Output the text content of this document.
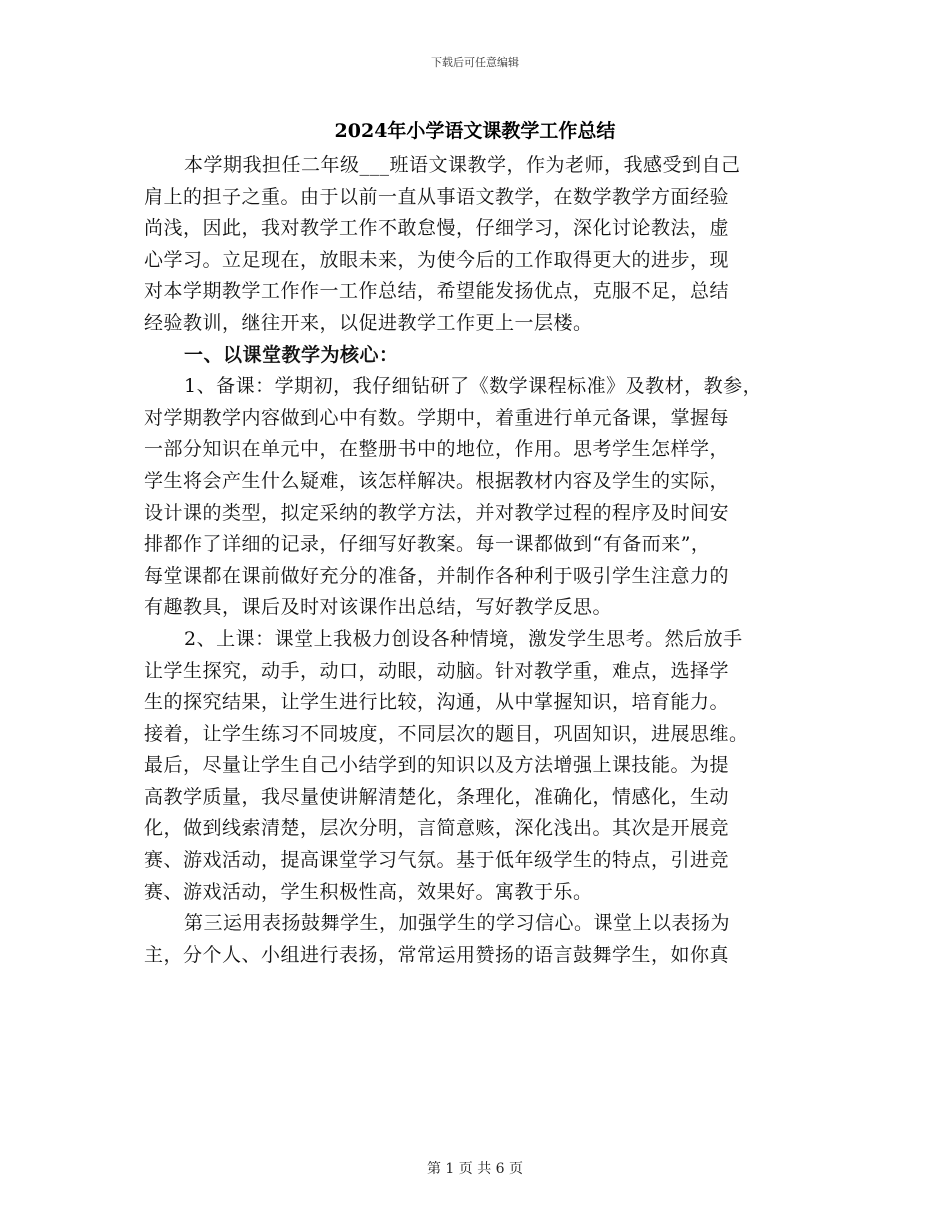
下载后可任意编辑
2024年小学语文课教学工作总结
本学期我担任二年级___班语文课教学，作为老师，我感受到自己
肩上的担子之重。由于以前一直从事语文教学，在数学教学方面经验
尚浅，因此，我对教学工作不敢怠慢，仔细学习，深化讨论教法，虚
心学习。立足现在，放眼未来，为使今后的工作取得更大的进步，现
对本学期教学工作作一工作总结，希望能发扬优点，克服不足，总结
经验教训，继往开来，以促进教学工作更上一层楼。
一、以课堂教学为核心：
1、备课：学期初，我仔细钻研了《数学课程标准》及教材，教参，
对学期教学内容做到心中有数。学期中，着重进行单元备课，掌握每
一部分知识在单元中，在整册书中的地位，作用。思考学生怎样学，
学生将会产生什么疑难，该怎样解决。根据教材内容及学生的实际，
设计课的类型，拟定采纳的教学方法，并对教学过程的程序及时间安
排都作了详细的记录，仔细写好教案。每一课都做到“有备而来”，
每堂课都在课前做好充分的准备，并制作各种利于吸引学生注意力的
有趣教具，课后及时对该课作出总结，写好教学反思。
2、上课：课堂上我极力创设各种情境，激发学生思考。然后放手
让学生探究，动手，动口，动眼，动脑。针对教学重，难点，选择学
生的探究结果，让学生进行比较，沟通，从中掌握知识，培育能力。
接着，让学生练习不同坡度，不同层次的题目，巩固知识，进展思维。
最后，尽量让学生自己小结学到的知识以及方法增强上课技能。为提
高教学质量，我尽量使讲解清楚化，条理化，准确化，情感化，生动
化，做到线索清楚，层次分明，言简意赅，深化浅出。其次是开展竞
赛、游戏活动，提高课堂学习气氛。基于低年级学生的特点，引进竞
赛、游戏活动，学生积极性高，效果好。寓教于乐。
第三运用表扬鼓舞学生，加强学生的学习信心。课堂上以表扬为
主，分个人、小组进行表扬，常常运用赞扬的语言鼓舞学生，如你真
第 1 页 共 6 页
